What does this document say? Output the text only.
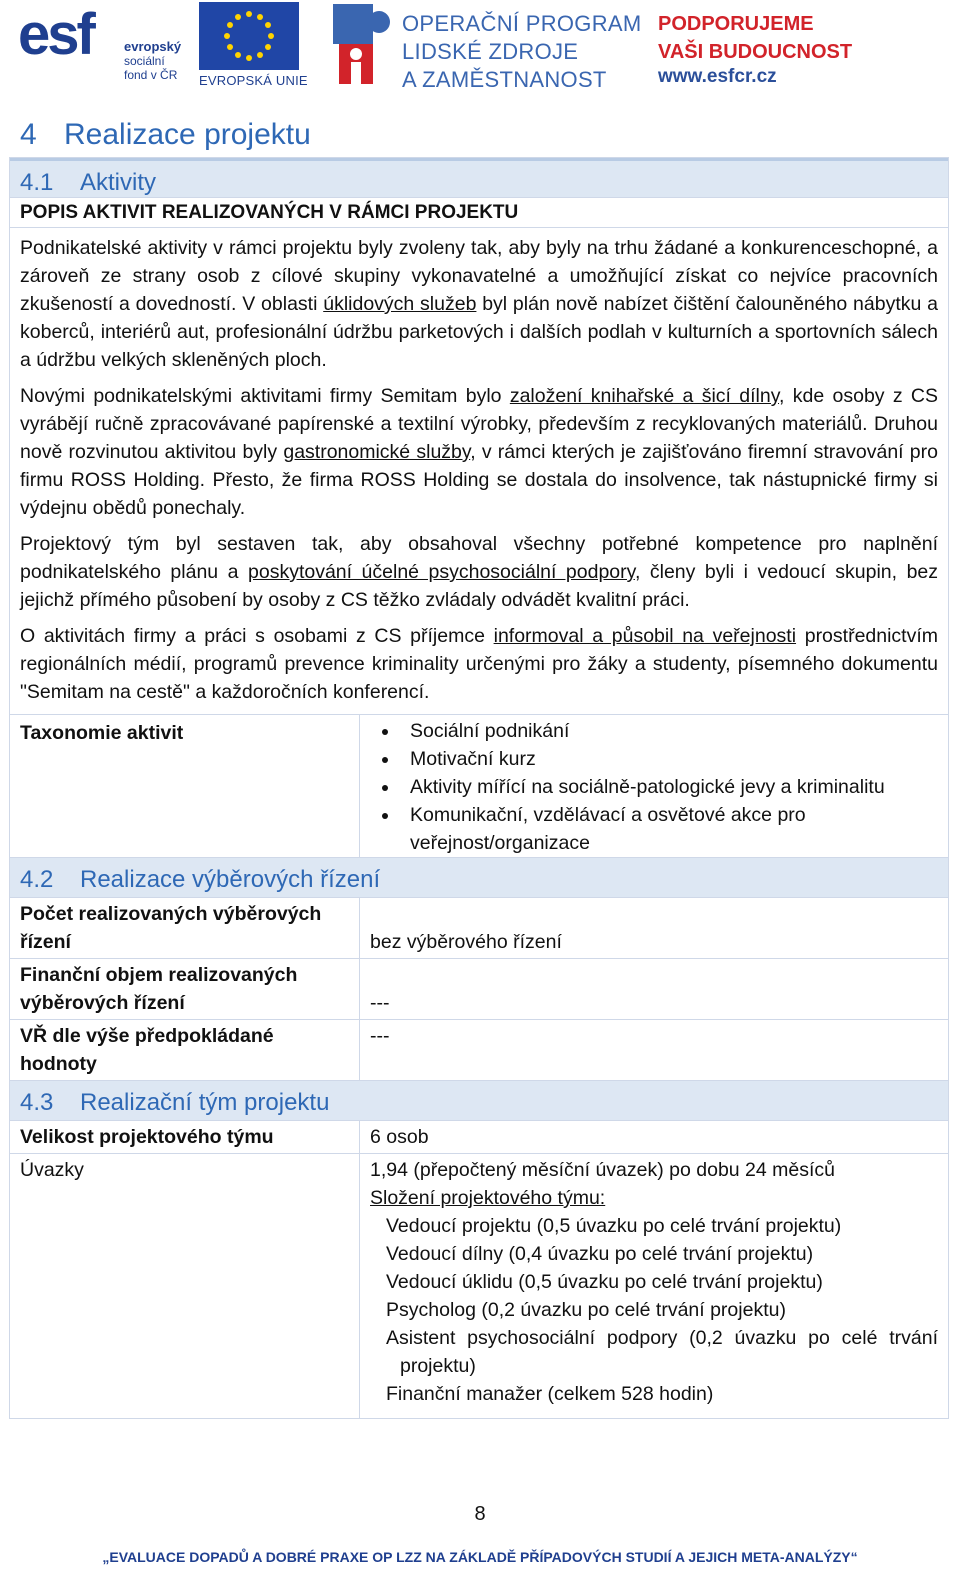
esf evropský
sociální
fond v ČR EVROPSKÁ UNIE
OPERAČNÍ PROGRAM
LIDSKÉ ZDROJE
A ZAMĚSTNANOST
PODPORUJEME
VAŠI BUDOUCNOST
www.esfcr.cz
4 Realizace projektu
4.1 Aktivity
POPIS AKTIVIT REALIZOVANÝCH V RÁMCI PROJEKTU

Podnikatelské aktivity v rámci projektu byly zvoleny tak, aby byly na trhu žádané a konkurenceschopné, a zároveň ze strany osob z cílové skupiny vykonavatelné a umožňující získat co nejvíce pracovních zkušeností a dovedností. V oblasti úklidových služeb byl plán nově nabízet čištění čalouněného nábytku a koberců, interiérů aut, profesionální údržbu parketových i dalších podlah v kulturních a sportovních sálech a údržbu velkých skleněných ploch.

Novými podnikatelskými aktivitami firmy Semitam bylo založení knihařské a šicí dílny, kde osoby z CS vyrábějí ručně zpracovávané papírenské a textilní výrobky, především z recyklovaných materiálů. Druhou nově rozvinutou aktivitou byly gastronomické služby, v rámci kterých je zajišťováno firemní stravování pro firmu ROSS Holding. Přesto, že firma ROSS Holding se dostala do insolvence, tak nástupnické firmy si výdejnu obědů ponechaly.

Projektový tým byl sestaven tak, aby obsahoval všechny potřebné kompetence pro naplnění podnikatelského plánu a poskytování účelné psychosociální podpory, členy byli i vedoucí skupin, bez jejichž přímého působení by osoby z CS těžko zvládaly odvádět kvalitní práci.

O aktivitách firmy a práci s osobami z CS příjemce informoval a působil na veřejnosti prostřednictvím regionálních médií, programů prevence kriminality určenými pro žáky a studenty, písemného dokumentu "Semitam na cestě" a každoročních konferencí.

Taxonomie aktivit
•	Sociální podnikání
• Motivační kurz
• Aktivity mířící na sociálně-patologické jevy a kriminalitu
• Komunikační, vzdělávací a osvětové akce pro veřejnost/organizace
4.2 Realizace výběrových řízení
Počet realizovaných výběrových řízení	bez výběrového řízení
Finanční objem realizovaných výběrových řízení	---
VŘ dle výše předpokládané hodnoty
---
4.3 Realizační tým projektu
Velikost projektového týmu	6 osob
Úvazky	1,94 (přepočtený měsíční úvazek) po dobu 24 měsíců
Složení projektového týmu:
Vedoucí projektu (0,5 úvazku po celé trvání projektu)
Vedoucí dílny (0,4 úvazku po celé trvání projektu)
Vedoucí úklidu (0,5 úvazku po celé trvání projektu)
Psycholog (0,2 úvazku po celé trvání projektu)
Asistent psychosociální podpory (0,2 úvazku po celé trvání projektu)
Finanční manažer (celkem 528 hodin)
8
„EVALUACE DOPADŮ A DOBRÉ PRAXE OP LZZ NA ZÁKLADĚ PŘÍPADOVÝCH STUDIÍ A JEJICH META-ANALÝZY“
